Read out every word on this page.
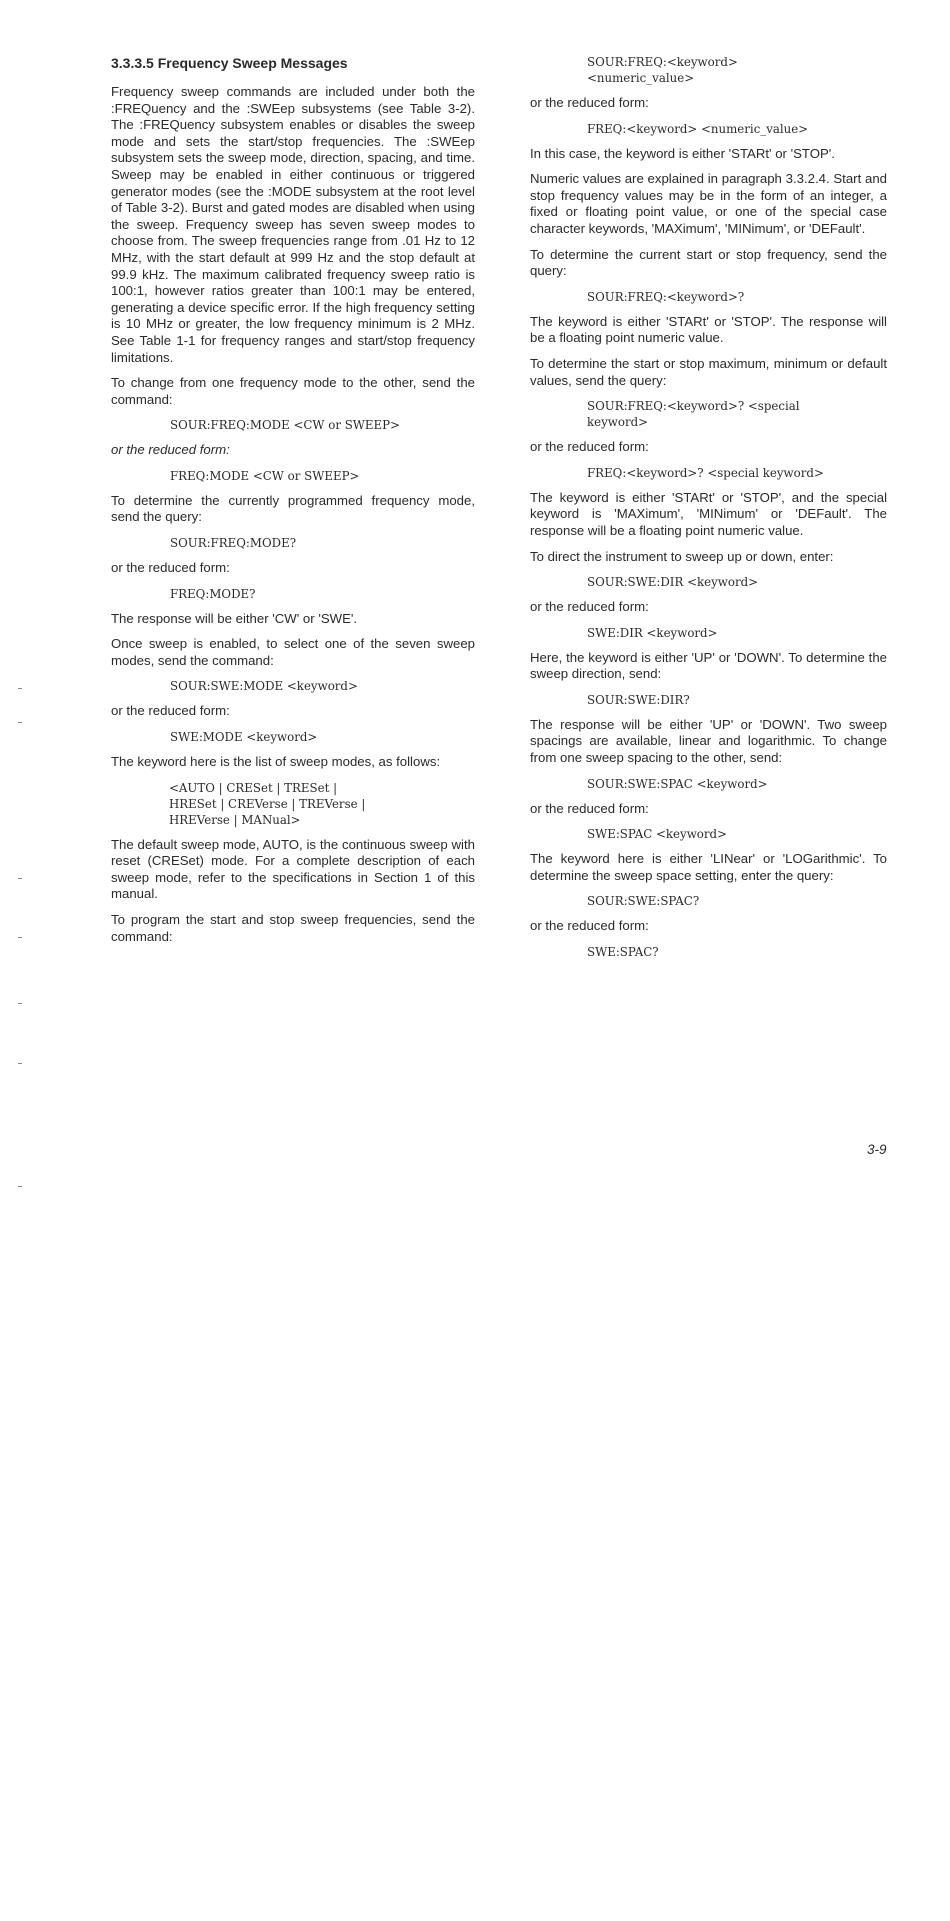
3.3.3.5 Frequency Sweep Messages
Frequency sweep commands are included under both the :FREQuency and the :SWEep subsystems (see Table 3-2). The :FREQuency subsystem enables or disables the sweep mode and sets the start/stop frequencies. The :SWEep subsystem sets the sweep mode, direction, spacing, and time. Sweep may be enabled in either continuous or triggered generator modes (see the :MODE subsystem at the root level of Table 3-2). Burst and gated modes are disabled when using the sweep. Frequency sweep has seven sweep modes to choose from. The sweep frequencies range from .01 Hz to 12 MHz, with the start default at 999 Hz and the stop default at 99.9 kHz. The maximum calibrated frequency sweep ratio is 100:1, however ratios greater than 100:1 may be entered, generating a device specific error. If the high frequency setting is 10 MHz or greater, the low frequency minimum is 2 MHz. See Table 1-1 for frequency ranges and start/stop frequency limitations.
To change from one frequency mode to the other, send the command:
SOUR:FREQ:MODE <CW or SWEEP>
or the reduced form:
FREQ:MODE <CW or SWEEP>
To determine the currently programmed frequency mode, send the query:
SOUR:FREQ:MODE?
or the reduced form:
FREQ:MODE?
The response will be either 'CW' or 'SWE'.
Once sweep is enabled, to select one of the seven sweep modes, send the command:
SOUR:SWE:MODE <keyword>
or the reduced form:
SWE:MODE <keyword>
The keyword here is the list of sweep modes, as follows:
<AUTO | CRESet | TRESet |
HRESet | CREVerse | TREVerse |
HREVerse | MANual>
The default sweep mode, AUTO, is the continuous sweep with reset (CRESet) mode. For a complete description of each sweep mode, refer to the specifications in Section 1 of this manual.
To program the start and stop sweep frequencies, send the command:
SOUR:FREQ:<keyword>
<numeric_value>
or the reduced form:
FREQ:<keyword> <numeric_value>
In this case, the keyword is either 'STARt' or 'STOP'.
Numeric values are explained in paragraph 3.3.2.4. Start and stop frequency values may be in the form of an integer, a fixed or floating point value, or one of the special case character keywords, 'MAXimum', 'MINimum', or 'DEFault'.
To determine the current start or stop frequency, send the query:
SOUR:FREQ:<keyword>?
The keyword is either 'STARt' or 'STOP'. The response will be a floating point numeric value.
To determine the start or stop maximum, minimum or default values, send the query:
SOUR:FREQ:<keyword>? <special
keyword>
or the reduced form:
FREQ:<keyword>? <special keyword>
The keyword is either 'STARt' or 'STOP', and the special keyword is 'MAXimum', 'MINimum' or 'DEFault'. The response will be a floating point numeric value.
To direct the instrument to sweep up or down, enter:
SOUR:SWE:DIR <keyword>
or the reduced form:
SWE:DIR <keyword>
Here, the keyword is either 'UP' or 'DOWN'. To determine the sweep direction, send:
SOUR:SWE:DIR?
The response will be either 'UP' or 'DOWN'. Two sweep spacings are available, linear and logarithmic. To change from one sweep spacing to the other, send:
SOUR:SWE:SPAC <keyword>
or the reduced form:
SWE:SPAC <keyword>
The keyword here is either 'LINear' or 'LOGarithmic'. To determine the sweep space setting, enter the query:
SOUR:SWE:SPAC?
or the reduced form:
SWE:SPAC?
3-9
